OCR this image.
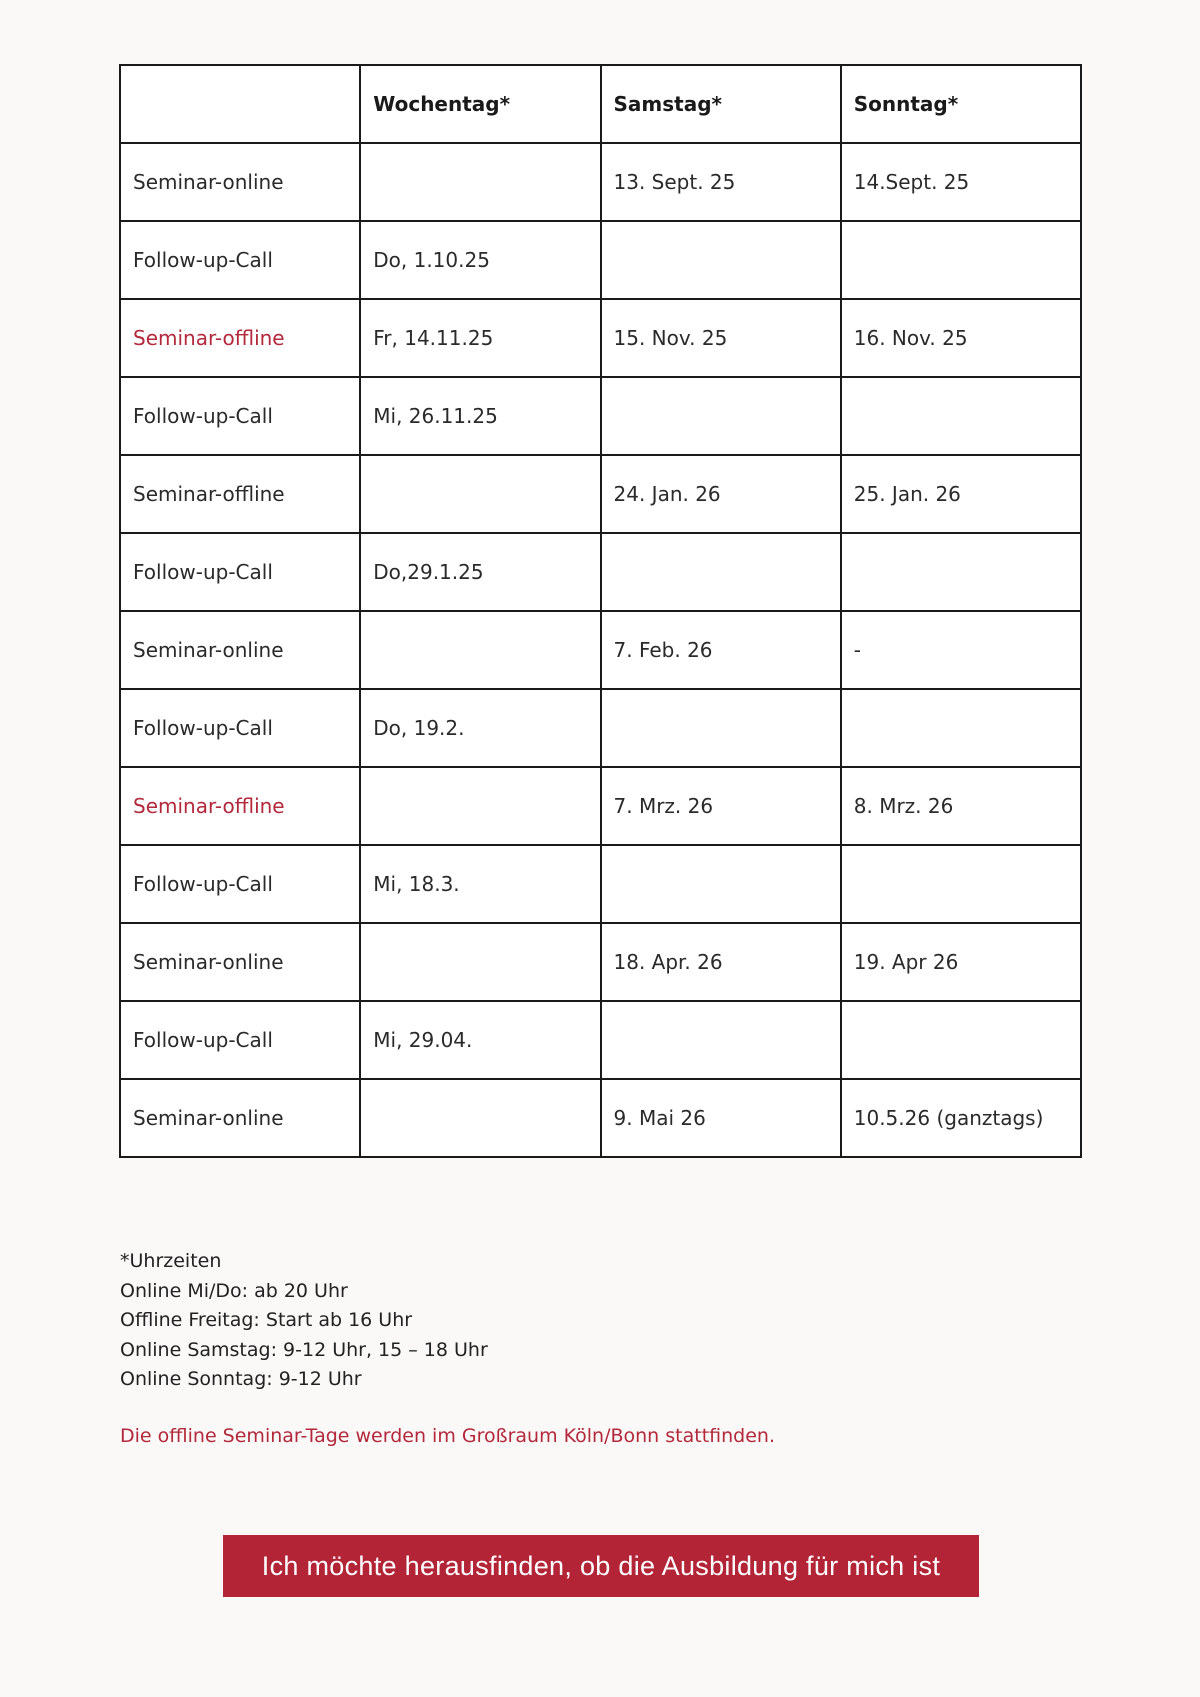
	Wochentag*	Samstag*	Sonntag*
Seminar-online		13. Sept. 25	14.Sept. 25
Follow-up-Call	Do, 1.10.25		
Seminar-offline	Fr, 14.11.25	15. Nov. 25	16. Nov. 25
Follow-up-Call	Mi, 26.11.25		
Seminar-offline		24. Jan. 26	25. Jan. 26
Follow-up-Call	Do,29.1.25		
Seminar-online		7. Feb. 26	-
Follow-up-Call	Do, 19.2.		
Seminar-offline		7. Mrz. 26	8. Mrz. 26
Follow-up-Call	Mi, 18.3.		
Seminar-online		18. Apr. 26	19. Apr 26
Follow-up-Call	Mi, 29.04.		
Seminar-online		9. Mai 26	10.5.26 (ganztags)
*Uhrzeiten
Online Mi/Do: ab 20 Uhr
Offline Freitag: Start ab 16 Uhr
Online Samstag: 9-12 Uhr, 15 – 18 Uhr
Online Sonntag: 9-12 Uhr
Die offline Seminar-Tage werden im Großraum Köln/Bonn stattfinden.
Ich möchte herausfinden, ob die Ausbildung für mich ist
